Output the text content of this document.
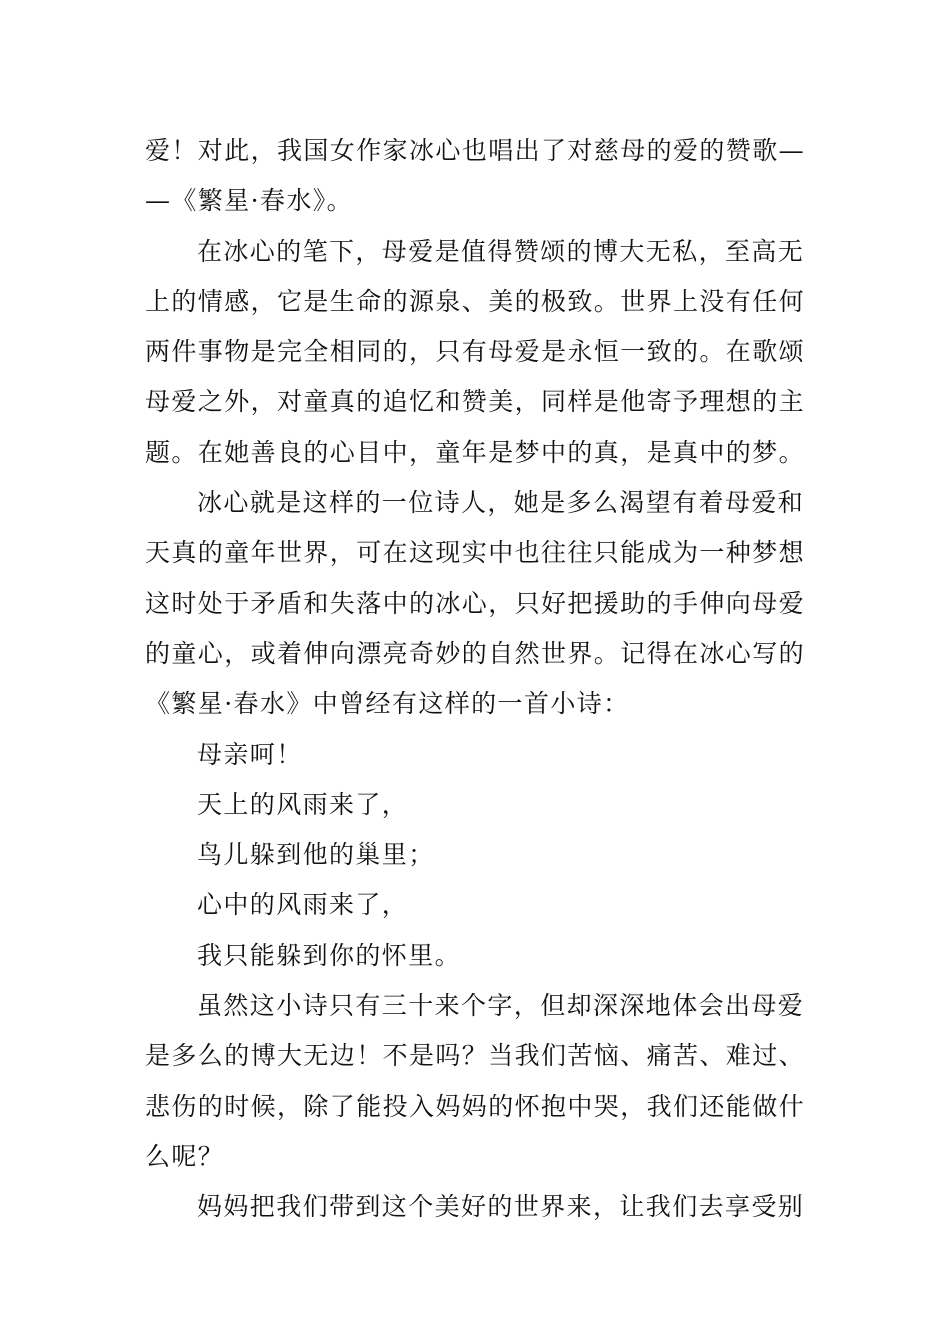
爱！对此，我国女作家冰心也唱出了对慈母的爱的赞歌—
—《繁星·春水》。
在冰心的笔下，母爱是值得赞颂的博大无私，至高无
上的情感，它是生命的源泉、美的极致。世界上没有任何
两件事物是完全相同的，只有母爱是永恒一致的。在歌颂
母爱之外，对童真的追忆和赞美，同样是他寄予理想的主
题。在她善良的心目中，童年是梦中的真，是真中的梦。
冰心就是这样的一位诗人，她是多么渴望有着母爱和
天真的童年世界，可在这现实中也往往只能成为一种梦想
这时处于矛盾和失落中的冰心，只好把援助的手伸向母爱
的童心，或着伸向漂亮奇妙的自然世界。记得在冰心写的
《繁星·春水》中曾经有这样的一首小诗：
母亲呵！
天上的风雨来了，
鸟儿躲到他的巢里；
心中的风雨来了，
我只能躲到你的怀里。
虽然这小诗只有三十来个字，但却深深地体会出母爱
是多么的博大无边！不是吗？当我们苦恼、痛苦、难过、
悲伤的时候，除了能投入妈妈的怀抱中哭，我们还能做什
么呢？
妈妈把我们带到这个美好的世界来，让我们去享受别
